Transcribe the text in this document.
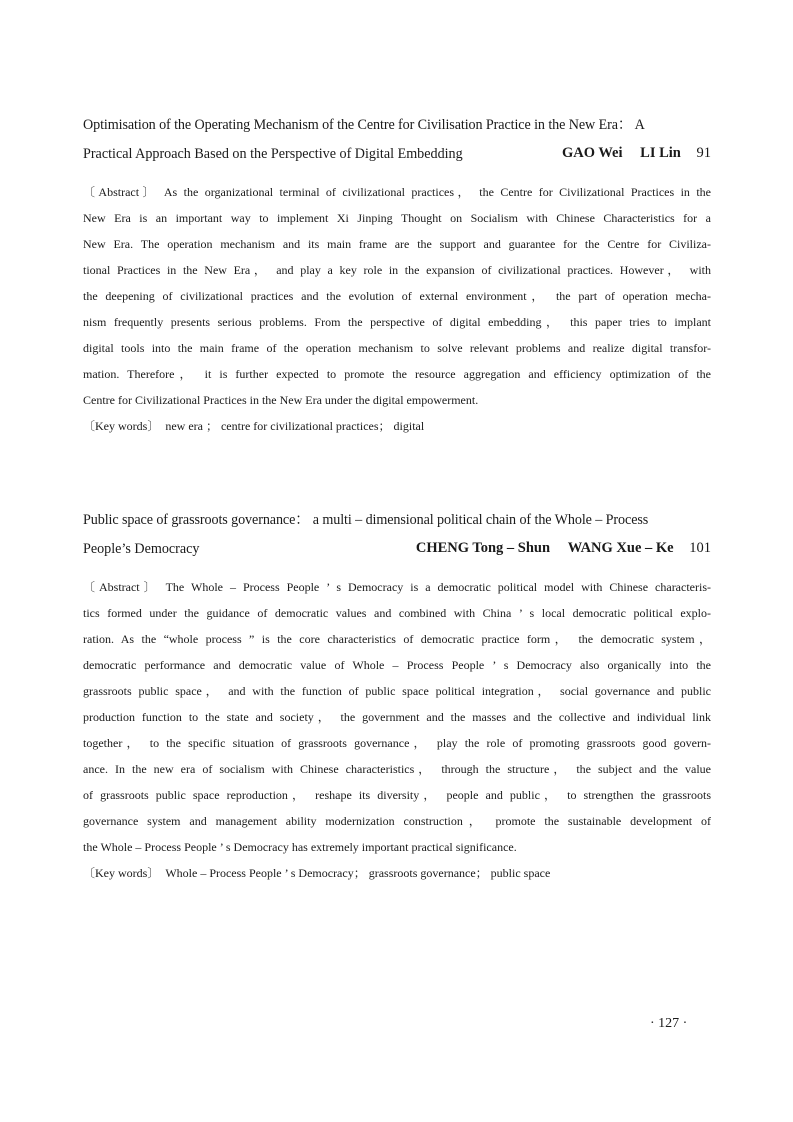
Optimisation of the Operating Mechanism of the Centre for Civilisation Practice in the New Era： A
Practical Approach Based on the Perspective of Digital Embedding	GAO Wei LI Lin 91
〔Abstract〕 As the organizational terminal of civilizational practices， the Centre for Civilizational Practices in the
New Era is an important way to implement Xi Jinping Thought on Socialism with Chinese Characteristics for a
New Era. The operation mechanism and its main frame are the support and guarantee for the Centre for Civiliza-
tional Practices in the New Era， and play a key role in the expansion of civilizational practices. However， with
the deepening of civilizational practices and the evolution of external environment， the part of operation mecha-
nism frequently presents serious problems. From the perspective of digital embedding， this paper tries to implant
digital tools into the main frame of the operation mechanism to solve relevant problems and realize digital transfor-
mation. Therefore， it is further expected to promote the resource aggregation and efficiency optimization of the
Centre for Civilizational Practices in the New Era under the digital empowerment.
〔Key words〕 new era ； centre for civilizational practices； digital
Public space of grassroots governance： a multi – dimensional political chain of the Whole – Process
People’s Democracy	CHENG Tong – Shun WANG Xue – Ke 101
〔Abstract〕 The Whole – Process People ’ s Democracy is a democratic political model with Chinese characteris-
tics formed under the guidance of democratic values and combined with China ’ s local democratic political explo-
ration. As the “whole process ” is the core characteristics of democratic practice form， the democratic system，
democratic performance and democratic value of Whole – Process People ’ s Democracy also organically into the
grassroots public space， and with the function of public space political integration， social governance and public
production function to the state and society， the government and the masses and the collective and individual link
together， to the specific situation of grassroots governance， play the role of promoting grassroots good govern-
ance. In the new era of socialism with Chinese characteristics， through the structure， the subject and the value
of grassroots public space reproduction， reshape its diversity， people and public， to strengthen the grassroots
governance system and management ability modernization construction， promote the sustainable development of
the Whole – Process People ’ s Democracy has extremely important practical significance.
〔Key words〕 Whole – Process People ’ s Democracy； grassroots governance； public space
· 127 ·
